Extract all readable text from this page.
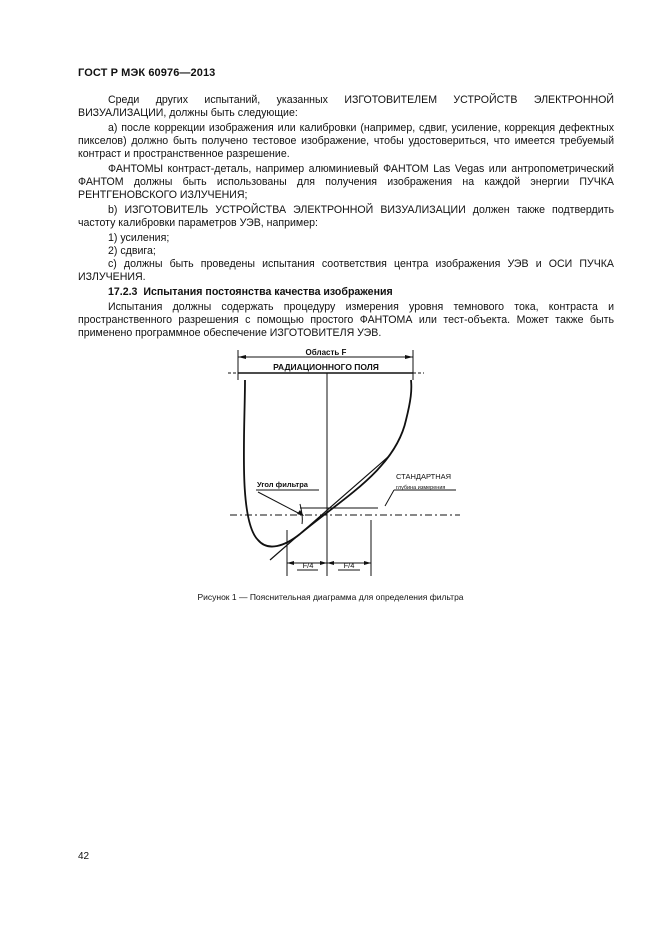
ГОСТ Р МЭК 60976—2013

Среди других испытаний, указанных ИЗГОТОВИТЕЛЕМ УСТРОЙСТВ ЭЛЕКТРОННОЙ ВИЗУАЛИЗАЦИИ, должны быть следующие:

а) после коррекции изображения или калибровки (например, сдвиг, усиление, коррекция дефектных пикселов) должно быть получено тестовое изображение, чтобы удостовериться, что имеется требуемый контраст и пространственное разрешение.

ФАНТОМЫ контраст-деталь, например алюминиевый ФАНТОМ Las Vegas или антропометрический ФАНТОМ должны быть использованы для получения изображения на каждой энергии ПУЧКА РЕНТГЕНОВСКОГО ИЗЛУЧЕНИЯ;

b) ИЗГОТОВИТЕЛЬ УСТРОЙСТВА ЭЛЕКТРОННОЙ ВИЗУАЛИЗАЦИИ должен также подтвердить частоту калибровки параметров УЭВ, например:

1) усиления;

2) сдвига;

с) должны быть проведены испытания соответствия центра изображения УЭВ и ОСИ ПУЧКА ИЗЛУЧЕНИЯ.

17.2.3 Испытания постоянства качества изображения

Испытания должны содержать процедуру измерения уровня темнового тока, контраста и пространственного разрешения с помощью простого ФАНТОМА или тест-объекта. Может также быть применено программное обеспечение ИЗГОТОВИТЕЛЯ УЭВ.

Область F
РАДИАЦИОННОГО ПОЛЯ
Угол фильтра
СТАНДАРТНАЯ
глубина измерения
F/4	F/4
Рисунок 1 — Пояснительная диаграмма для определения фильтра
42
